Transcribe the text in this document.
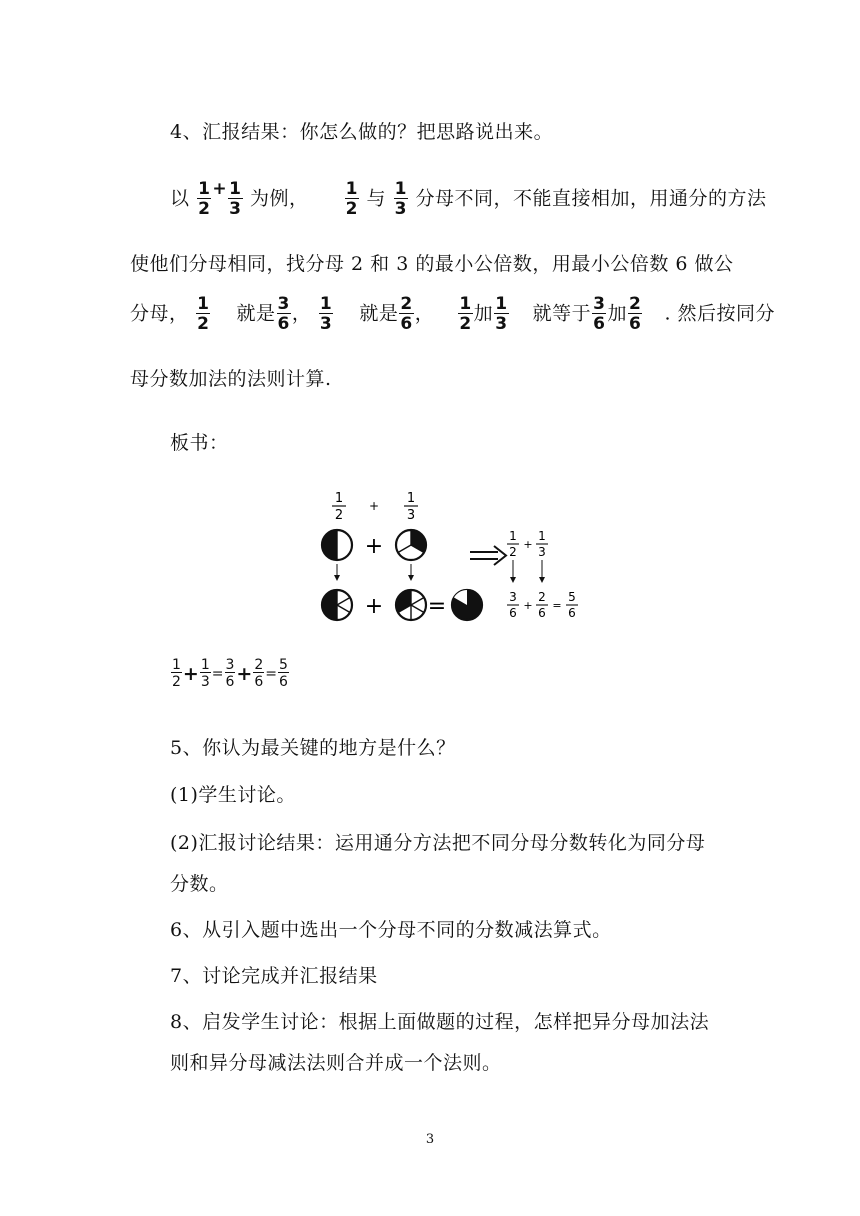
4、汇报结果：你怎么做的？把思路说出来。
以 $\frac{1}{2} + \frac{1}{3}$ 为例， $\frac{1}{2}$ 与 $\frac{1}{3}$ 分母不同，不能直接相加，用通分的方法
使他们分母相同，找分母 2 和 3 的最小公倍数，用最小公倍数 6 做公
分母， $\frac{1}{2}$ 就是 $\frac{3}{6}$ ， $\frac{1}{3}$ 就是 $\frac{2}{6}$ ， $\frac{1}{2}$ 加 $\frac{1}{3}$ 就等于 $\frac{3}{6}$ 加 $\frac{2}{6}$ . 然后按同分
母分数加法的法则计算.
板书：
1
2
+ 1
3
+
+ =
1
2
+
1
3
3
6
+
2
6
=
5
6
$\frac{1}{2} + \frac{1}{3} = \frac{3}{6} + \frac{2}{6} = \frac{5}{6}$
5、你认为最关键的地方是什么？
(1)学生讨论。
(2)汇报讨论结果：运用通分方法把不同分母分数转化为同分母
分数。
6、从引入题中选出一个分母不同的分数减法算式。
7、讨论完成并汇报结果
8、启发学生讨论：根据上面做题的过程，怎样把异分母加法法
则和异分母减法法则合并成一个法则。
3
